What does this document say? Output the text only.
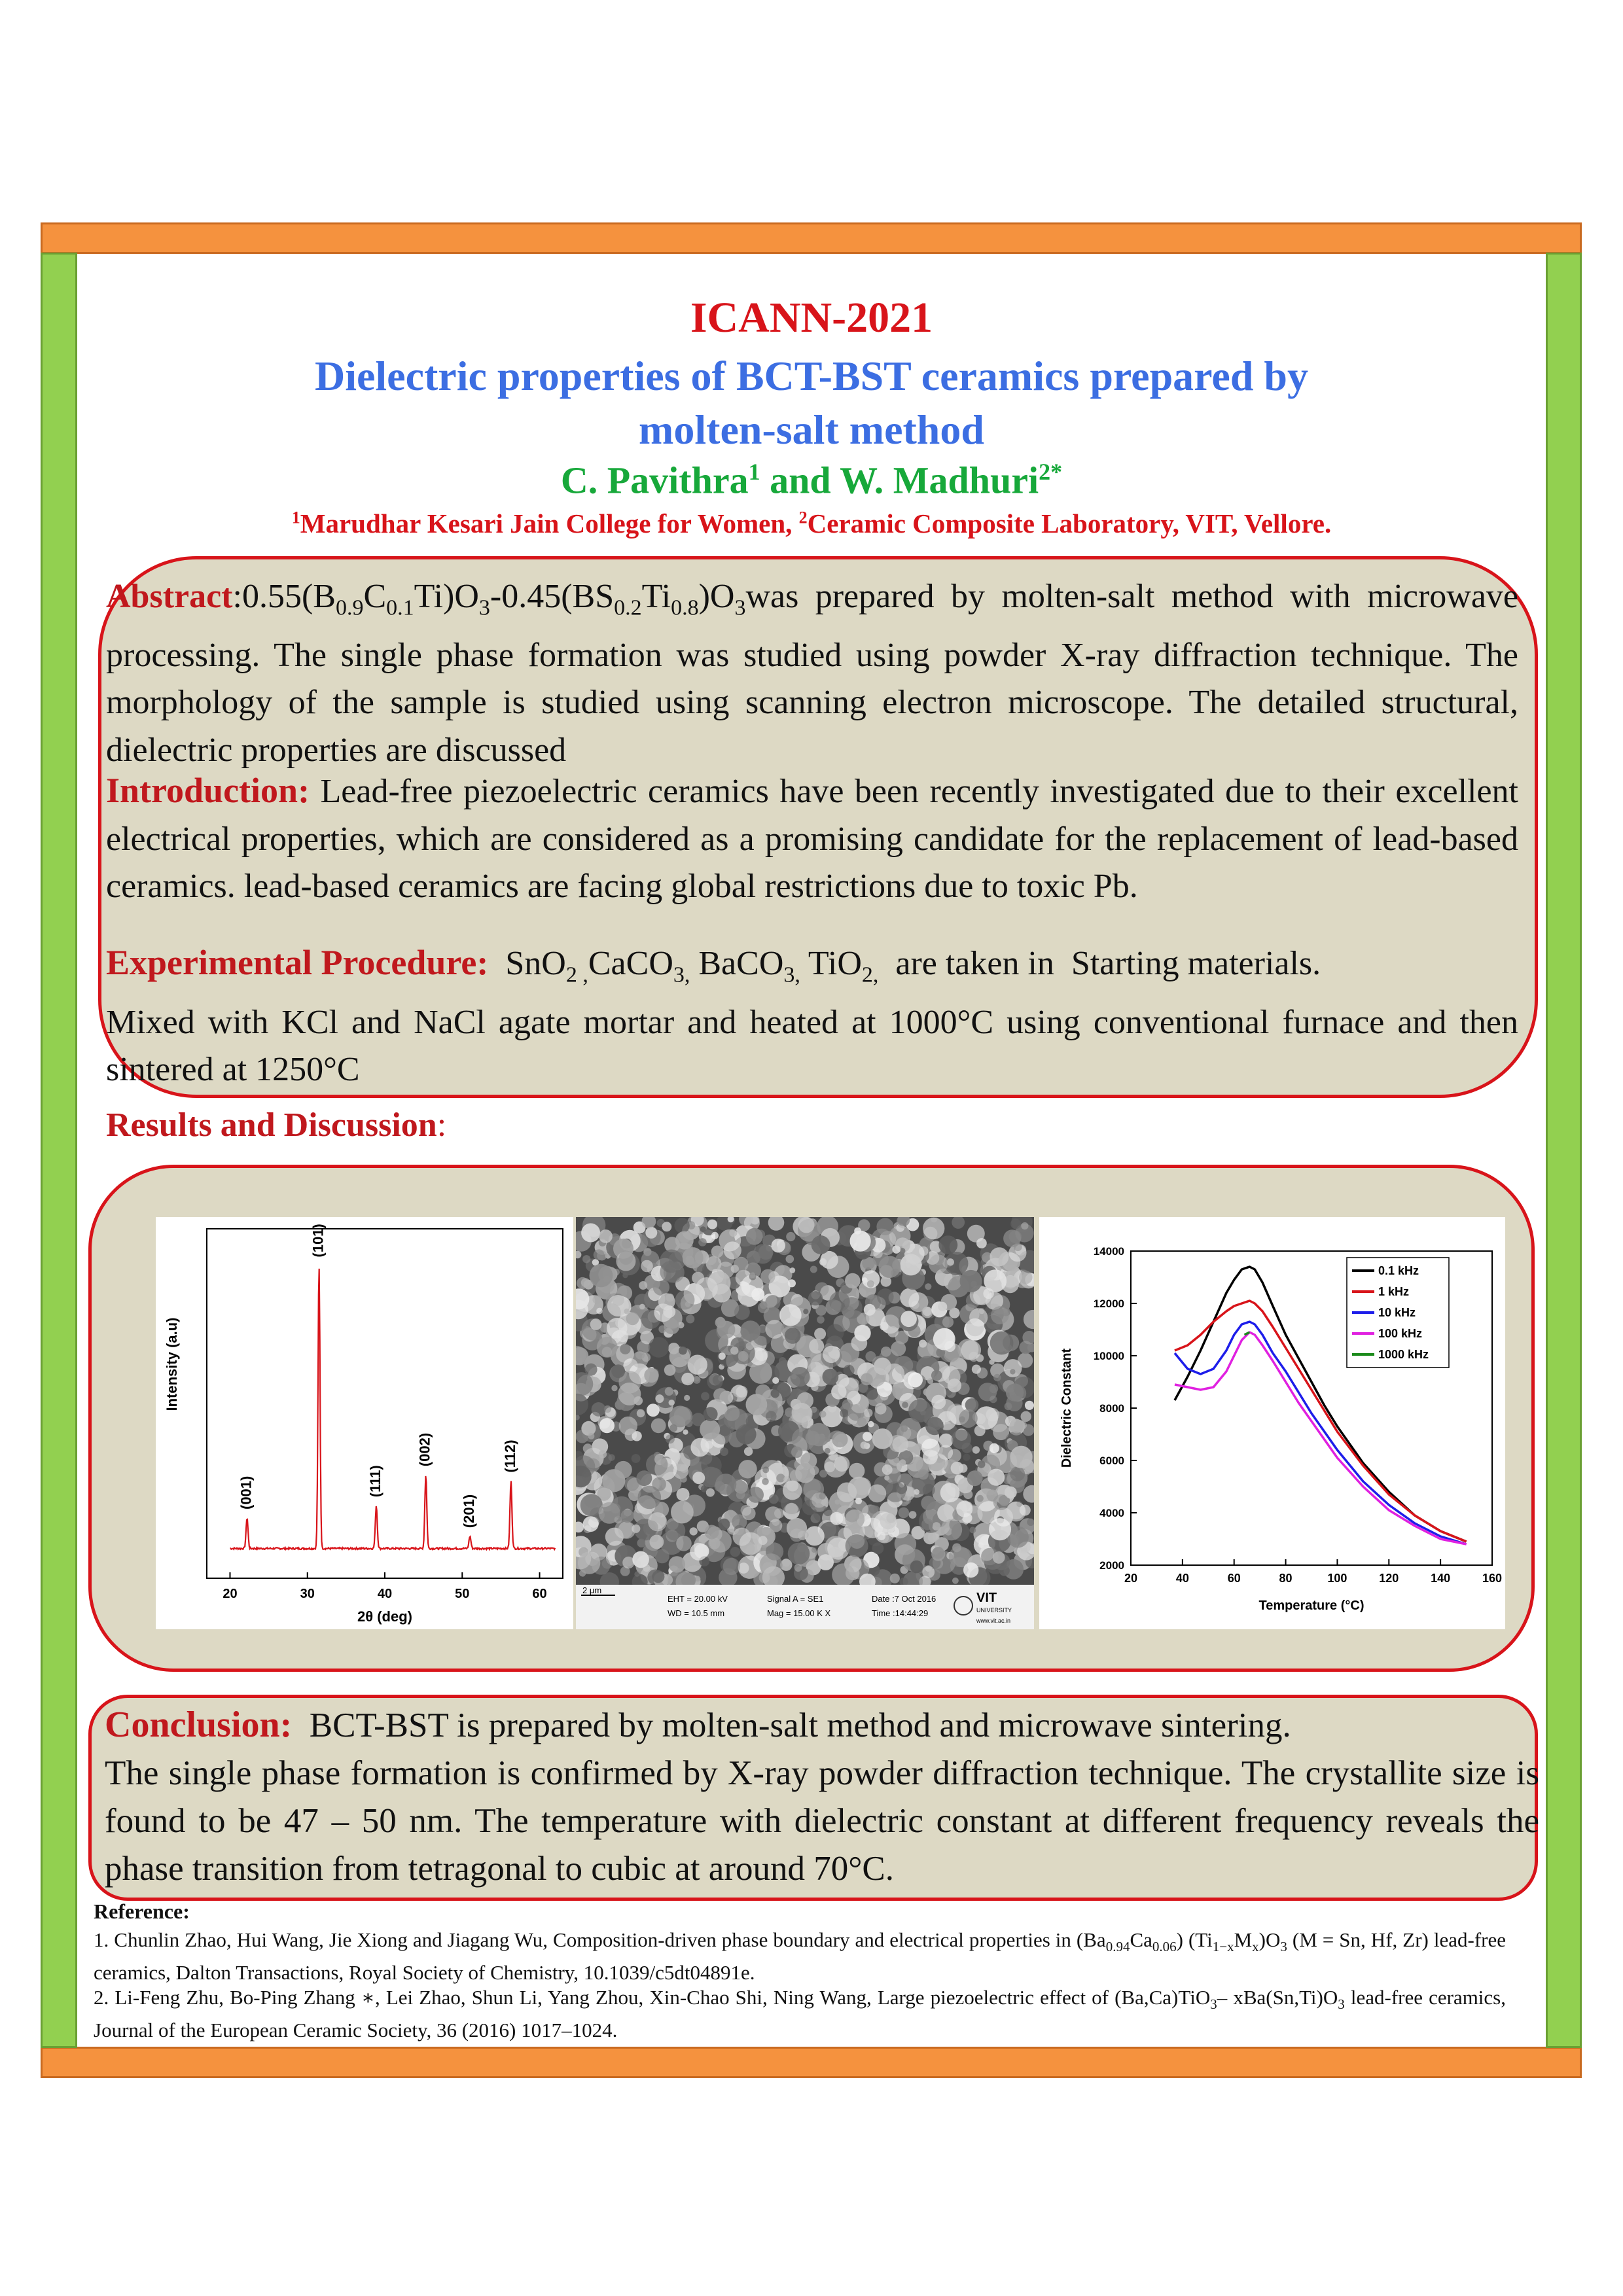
ICANN-2021
Dielectric properties of BCT-BST ceramics prepared by
molten-salt method
C. Pavithra$^1$ and W. Madhuri$^{2*}$
$^1$Marudhar Kesari Jain College for Women, $^2$Ceramic Composite Laboratory, VIT, Vellore.
$Abstract:0.55(B_{0.9}C_{0.1}Ti)O_3-0.45(BS_{0.2}Ti_{0.8})O_3was$ prepared by molten-salt method with microwave processing. The single phase formation was studied using powder X-ray diffraction technique. The morphology of the sample is studied using scanning electron microscope. The detailed structural, dielectric properties are discussed
Introduction: Lead-free piezoelectric ceramics have been recently investigated due to their excellent electrical properties, which are considered as a promising candidate for the replacement of lead-based ceramics. lead-based ceramics are facing global restrictions due to toxic Pb.
Experimental Procedure: SnO$_{2 ,}$CaCO$_{3,}$ BaCO$_{3,}$ TiO$_{2,}$  are taken in  Starting materials.
Mixed with KCl and NaCl agate mortar and heated at 1000°C using conventional furnace and then sintered at 1250°C
Results and Discussion:
20	30	40	50	60
(001)
(101)
(111)
(002)
(201)
(112)
2θ (deg)
Intensity (a.u)
2 μm
EHT = 20.00 kV
WD = 10.5 mm
Signal A = SE1
Mag = 15.00 K X
Date :7 Oct 2016
Time :14:44:29
VIT
UNIVERSITY
www.vit.ac.in
20	40	60	80	100	120	140	160
2000
4000
6000
8000
10000
12000
14000
0.1 kHz
1 kHz
10 kHz
100 kHz
1000 kHz
Temperature (°C)
Dielectric Constant
Conclusion:  BCT-BST is prepared by molten-salt method and microwave sintering.
The single phase formation is confirmed by X-ray powder diffraction technique. The crystallite size is found to be 47 – 50 nm. The temperature with dielectric constant at different frequency reveals the phase transition from tetragonal to cubic at around 70°C.
Reference:
1. Chunlin Zhao, Hui Wang, Jie Xiong and Jiagang Wu, Composition-driven phase boundary and electrical properties in $(Ba_{0.94}Ca_{0.06})$ $(Ti_{1-x}M_x)O_3$ (M = Sn, Hf, Zr) lead-free ceramics, Dalton Transactions, Royal Society of Chemistry, 10.1039/c5dt04891e.
2. Li-Feng Zhu, Bo-Ping Zhang ∗, Lei Zhao, Shun Li, Yang Zhou, Xin-Chao Shi, Ning Wang, Large piezoelectric effect of (Ba,Ca)TiO$_3$– $xBa(Sn,Ti)O_3$ lead-free ceramics, Journal of the European Ceramic Society, 36 (2016) 1017–1024.
